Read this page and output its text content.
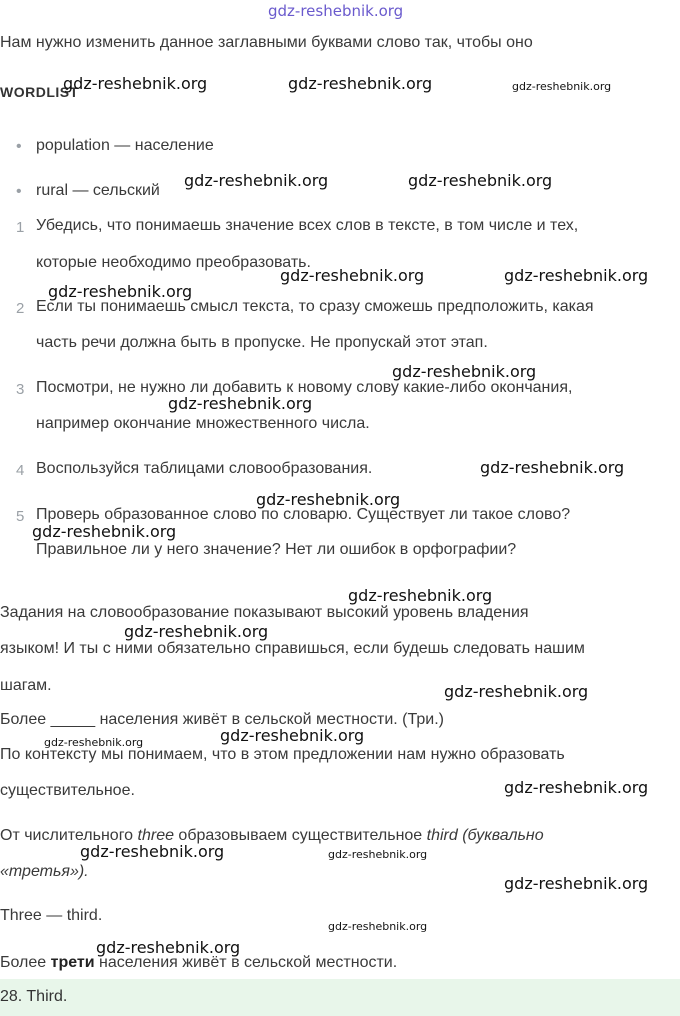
gdz-reshebnik.org
Нам нужно изменить данное заглавными буквами слово так, чтобы оно
WORDLIST
• population — население
• rural — сельский
1 Убедись, что понимаешь значение всех слов в тексте, в том числе и тех,
которые необходимо преобразовать.
2 Если ты понимаешь смысл текста, то сразу сможешь предположить, какая
часть речи должна быть в пропуске. Не пропускай этот этап.
3 Посмотри, не нужно ли добавить к новому слову какие-либо окончания,
например окончание множественного числа.
4 Воспользуйся таблицами словообразования.
5 Проверь образованное слово по словарю. Существует ли такое слово?
Правильное ли у него значение? Нет ли ошибок в орфографии?
Задания на словообразование показывают высокий уровень владения
языком! И ты с ними обязательно справишься, если будешь следовать нашим
шагам.
Более _____ населения живёт в сельской местности. (Три.)
По контексту мы понимаем, что в этом предложении нам нужно образовать
существительное.
От числительного three образовываем существительное third (буквально
«третья»).
Three — third.
Более трети населения живёт в сельской местности.
28. Third.
gdz-reshebnik.org	gdz-reshebnik.org	gdz-reshebnik.org
gdz-reshebnik.org	gdz-reshebnik.org
gdz-reshebnik.org	gdz-reshebnik.org
gdz-reshebnik.org
gdz-reshebnik.org
gdz-reshebnik.org
gdz-reshebnik.org
gdz-reshebnik.org
gdz-reshebnik.org
gdz-reshebnik.org
gdz-reshebnik.org
gdz-reshebnik.org
gdz-reshebnik.org
gdz-reshebnik.org
gdz-reshebnik.org
gdz-reshebnik.org	gdz-reshebnik.org
gdz-reshebnik.org
gdz-reshebnik.org
gdz-reshebnik.org
